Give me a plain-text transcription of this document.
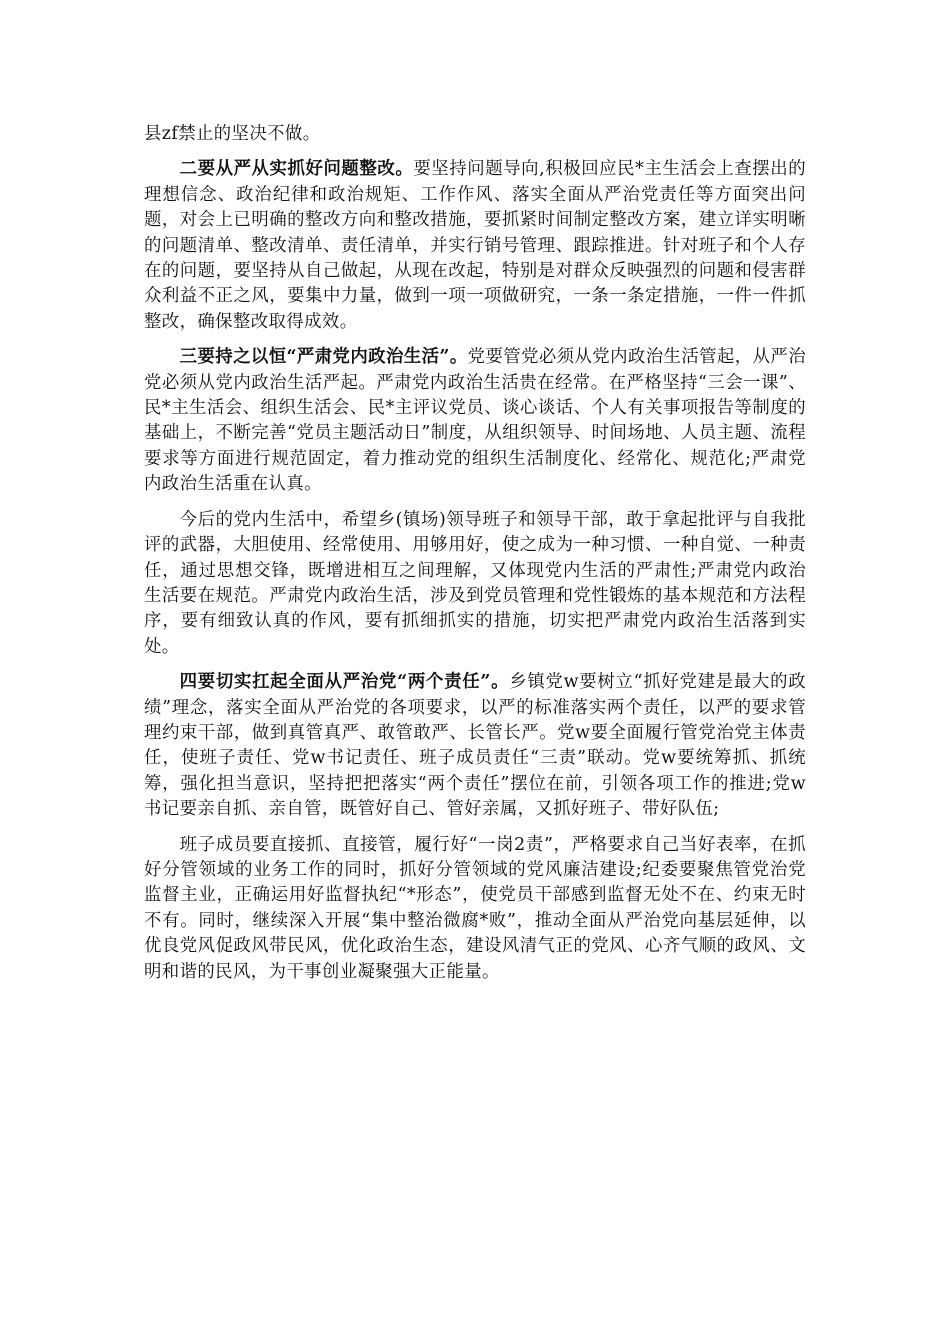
县zf禁止的坚决不做。

二要从严从实抓好问题整改。要坚持问题导向,积极回应民*主生活会上查摆出的理想信念、政治纪律和政治规矩、工作作风、落实全面从严治党责任等方面突出问题，对会上已明确的整改方向和整改措施，要抓紧时间制定整改方案，建立详实明晰的问题清单、整改清单、责任清单，并实行销号管理、跟踪推进。针对班子和个人存在的问题，要坚持从自己做起，从现在改起，特别是对群众反映强烈的问题和侵害群众利益不正之风，要集中力量，做到一项一项做研究，一条一条定措施，一件一件抓整改，确保整改取得成效。

三要持之以恒“严肃党内政治生活”。党要管党必须从党内政治生活管起，从严治党必须从党内政治生活严起。严肃党内政治生活贵在经常。在严格坚持“三会一课”、民*主生活会、组织生活会、民*主评议党员、谈心谈话、个人有关事项报告等制度的基础上，不断完善“党员主题活动日”制度，从组织领导、时间场地、人员主题、流程要求等方面进行规范固定，着力推动党的组织生活制度化、经常化、规范化;严肃党内政治生活重在认真。

今后的党内生活中，希望乡(镇场)领导班子和领导干部，敢于拿起批评与自我批评的武器，大胆使用、经常使用、用够用好，使之成为一种习惯、一种自觉、一种责任，通过思想交锋，既增进相互之间理解，又体现党内生活的严肃性;严肃党内政治生活要在规范。严肃党内政治生活，涉及到党员管理和党性锻炼的基本规范和方法程序，要有细致认真的作风，要有抓细抓实的措施，切实把严肃党内政治生活落到实处。

四要切实扛起全面从严治党“两个责任”。乡镇党w要树立“抓好党建是最大的政绩”理念，落实全面从严治党的各项要求，以严的标准落实两个责任，以严的要求管理约束干部，做到真管真严、敢管敢严、长管长严。党w要全面履行管党治党主体责任，使班子责任、党w书记责任、班子成员责任“三责”联动。党w要统筹抓、抓统筹，强化担当意识，坚持把把落实“两个责任”摆位在前，引领各项工作的推进;党w书记要亲自抓、亲自管，既管好自己、管好亲属，又抓好班子、带好队伍;

班子成员要直接抓、直接管，履行好“一岗2责”，严格要求自己当好表率，在抓好分管领域的业务工作的同时，抓好分管领域的党风廉洁建设;纪委要聚焦管党治党监督主业，正确运用好监督执纪“*形态”，使党员干部感到监督无处不在、约束无时不有。同时，继续深入开展“集中整治微腐*败”，推动全面从严治党向基层延伸，以优良党风促政风带民风，优化政治生态，建设风清气正的党风、心齐气顺的政风、文明和谐的民风，为干事创业凝聚强大正能量。
